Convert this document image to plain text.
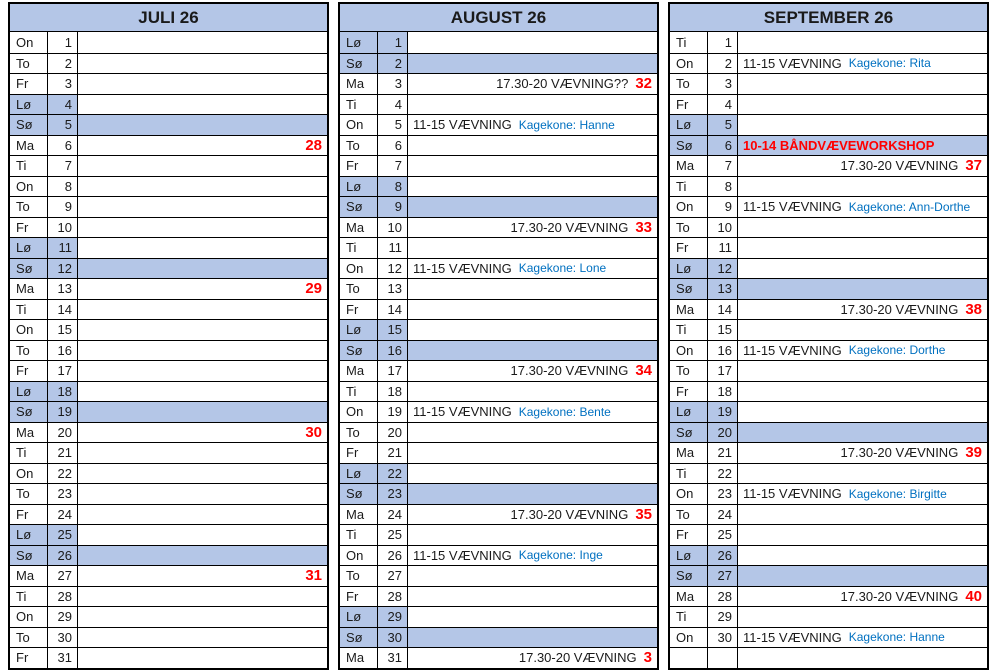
JULI 26
On	1
To	2
Fr	3
Lø	4
Sø	5
Ma	6	28
Ti	7
On	8
To	9
Fr	10
Lø	11
Sø	12
Ma	13	29
Ti	14
On	15
To	16
Fr	17
Lø	18
Sø	19
Ma	20	30
Ti	21
On	22
To	23
Fr	24
Lø	25
Sø	26
Ma	27	31
Ti	28
On	29
To	30
Fr	31
AUGUST 26
Lø	1
Sø	2
Ma	3	17.30-20 VÆVNING?? 32
Ti	4
On	5 11-15 VÆVNING Kagekone: Hanne
To	6
Fr	7
Lø	8
Sø	9
Ma	10	17.30-20 VÆVNING 33
Ti	11
On	12 11-15 VÆVNING Kagekone: Lone
To	13
Fr	14
Lø	15
Sø	16
Ma	17	17.30-20 VÆVNING 34
Ti	18
On	19 11-15 VÆVNING Kagekone: Bente
To	20
Fr	21
Lø	22
Sø	23
Ma	24	17.30-20 VÆVNING 35
Ti	25
On	26 11-15 VÆVNING Kagekone: Inge
To	27
Fr	28
Lø	29
Sø	30
Ma	31	17.30-20 VÆVNING 3
SEPTEMBER 26
Ti	1
On	2 11-15 VÆVNING Kagekone: Rita
To	3
Fr	4
Lø	5
Sø	6 10-14 BÅNDVÆVEWORKSHOP
Ma	7	17.30-20 VÆVNING 37
Ti	8
On	9 11-15 VÆVNING Kagekone: Ann-Dorthe
To	10
Fr	11
Lø	12
Sø	13
Ma	14	17.30-20 VÆVNING 38
Ti	15
On	16 11-15 VÆVNING Kagekone: Dorthe
To	17
Fr	18
Lø	19
Sø	20
Ma	21	17.30-20 VÆVNING 39
Ti	22
On	23 11-15 VÆVNING Kagekone: Birgitte
To	24
Fr	25
Lø	26
Sø	27
Ma	28	17.30-20 VÆVNING 40
Ti	29
On	30 11-15 VÆVNING Kagekone: Hanne
